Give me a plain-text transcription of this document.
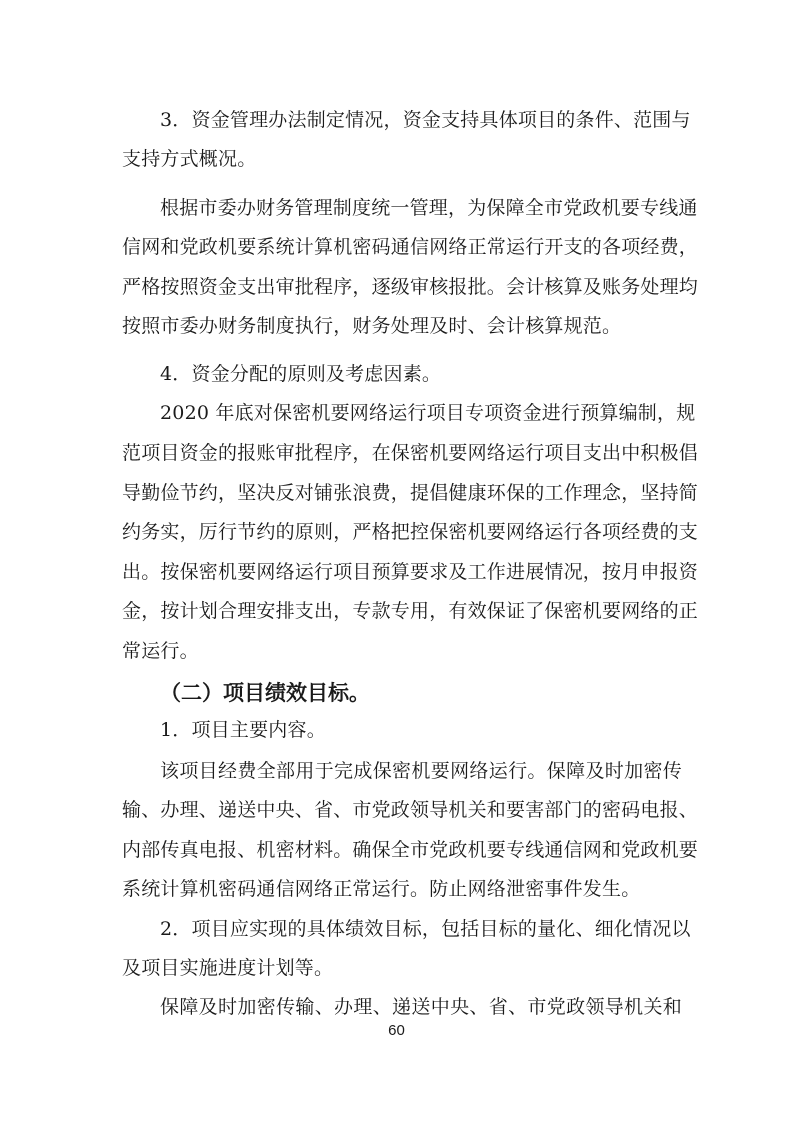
3．资金管理办法制定情况，资金支持具体项目的条件、范围与
支持方式概况。
根据市委办财务管理制度统一管理，为保障全市党政机要专线通
信网和党政机要系统计算机密码通信网络正常运行开支的各项经费，
严格按照资金支出审批程序，逐级审核报批。会计核算及账务处理均
按照市委办财务制度执行，财务处理及时、会计核算规范。
4．资金分配的原则及考虑因素。
2020 年底对保密机要网络运行项目专项资金进行预算编制，规
范项目资金的报账审批程序，在保密机要网络运行项目支出中积极倡
导勤俭节约，坚决反对铺张浪费，提倡健康环保的工作理念，坚持简
约务实，厉行节约的原则，严格把控保密机要网络运行各项经费的支
出。按保密机要网络运行项目预算要求及工作进展情况，按月申报资
金，按计划合理安排支出，专款专用，有效保证了保密机要网络的正
常运行。
（二）项目绩效目标。
1．项目主要内容。
该项目经费全部用于完成保密机要网络运行。保障及时加密传
输、办理、递送中央、省、市党政领导机关和要害部门的密码电报、
内部传真电报、机密材料。确保全市党政机要专线通信网和党政机要
系统计算机密码通信网络正常运行。防止网络泄密事件发生。
2．项目应实现的具体绩效目标，包括目标的量化、细化情况以
及项目实施进度计划等。
保障及时加密传输、办理、递送中央、省、市党政领导机关和
60
